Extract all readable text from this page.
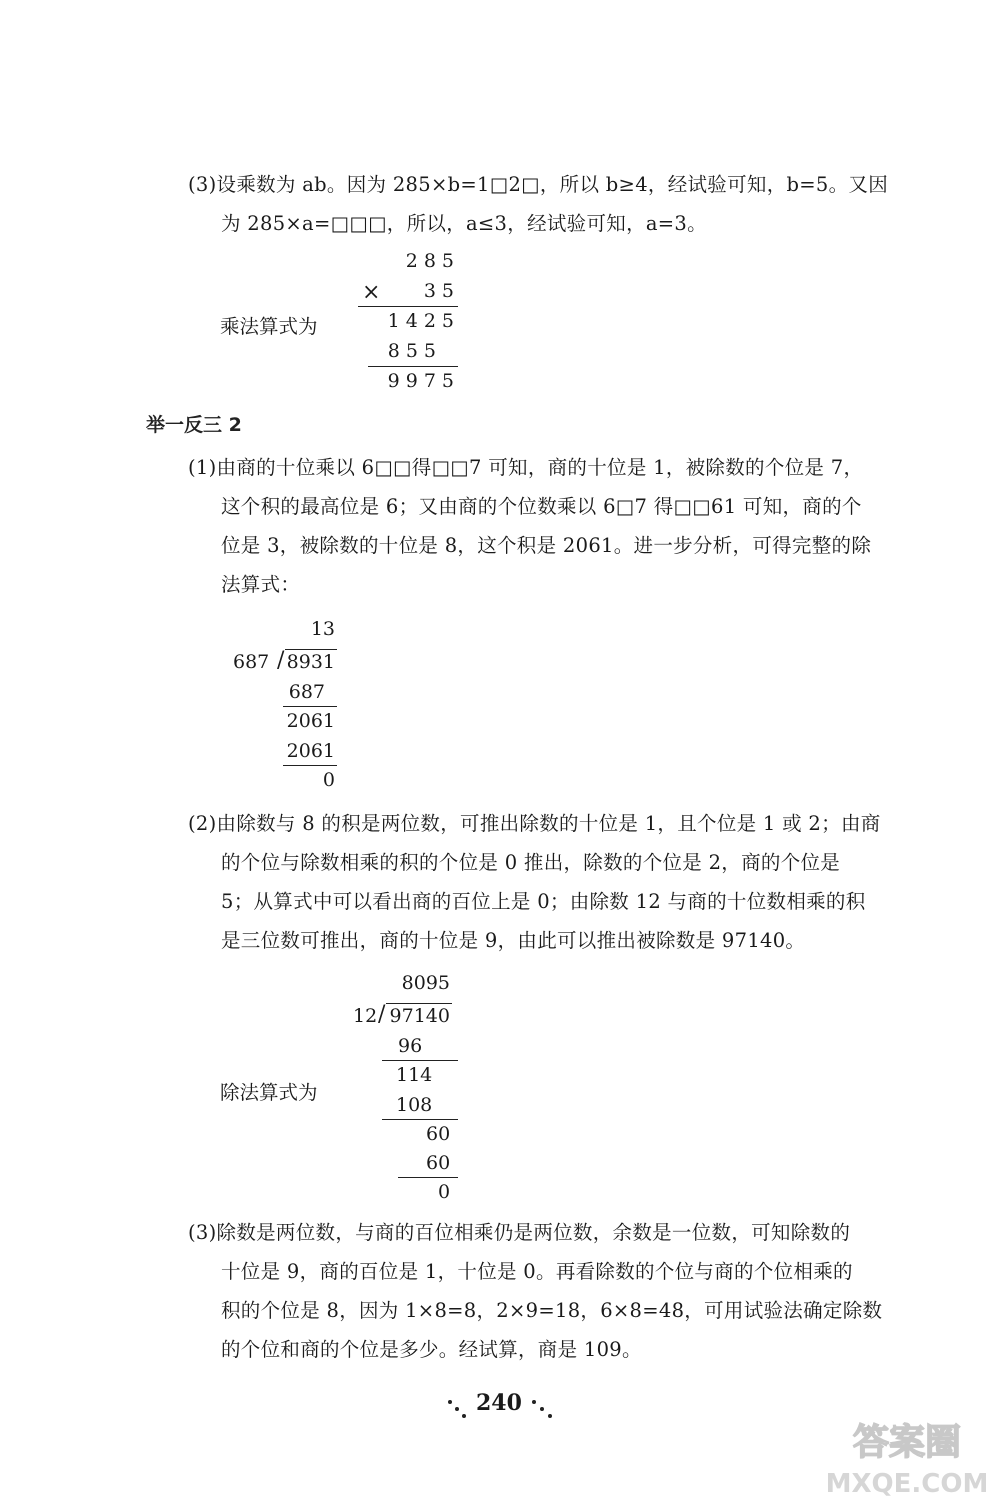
(3)设乘数为 ab。因为 285×b=1□2□，所以 b≥4，经试验可知，b=5。又因
为 285×a=□□□，所以，a≤3，经试验可知，a=3。
乘法算式为
285
× 35
1425
855
9975
举一反三 2
(1)由商的十位乘以 6□□得□□7 可知，商的十位是 1，被除数的个位是 7，
这个积的最高位是 6；又由商的个位数乘以 6□7 得□□61 可知，商的个
位是 3，被除数的十位是 8，这个积是 2061。进一步分析，可得完整的除
法算式：
13
687 / 8931
687
2061
2061
0
(2)由除数与 8 的积是两位数，可推出除数的十位是 1，且个位是 1 或 2；由商
的个位与除数相乘的积的个位是 0 推出，除数的个位是 2，商的个位是
5；从算式中可以看出商的百位上是 0；由除数 12 与商的十位数相乘的积
是三位数可推出，商的十位是 9，由此可以推出被除数是 97140。
除法算式为
8095
12 / 97140
96
114
108
60
60
0
(3)除数是两位数，与商的百位相乘仍是两位数，余数是一位数，可知除数的
十位是 9，商的百位是 1，十位是 0。再看除数的个位与商的个位相乘的
积的个位是 8，因为 1×8=8，2×9=18，6×8=48，可用试验法确定除数
的个位和商的个位是多少。经试算，商是 109。
240
答案圈
MXQE.COM
